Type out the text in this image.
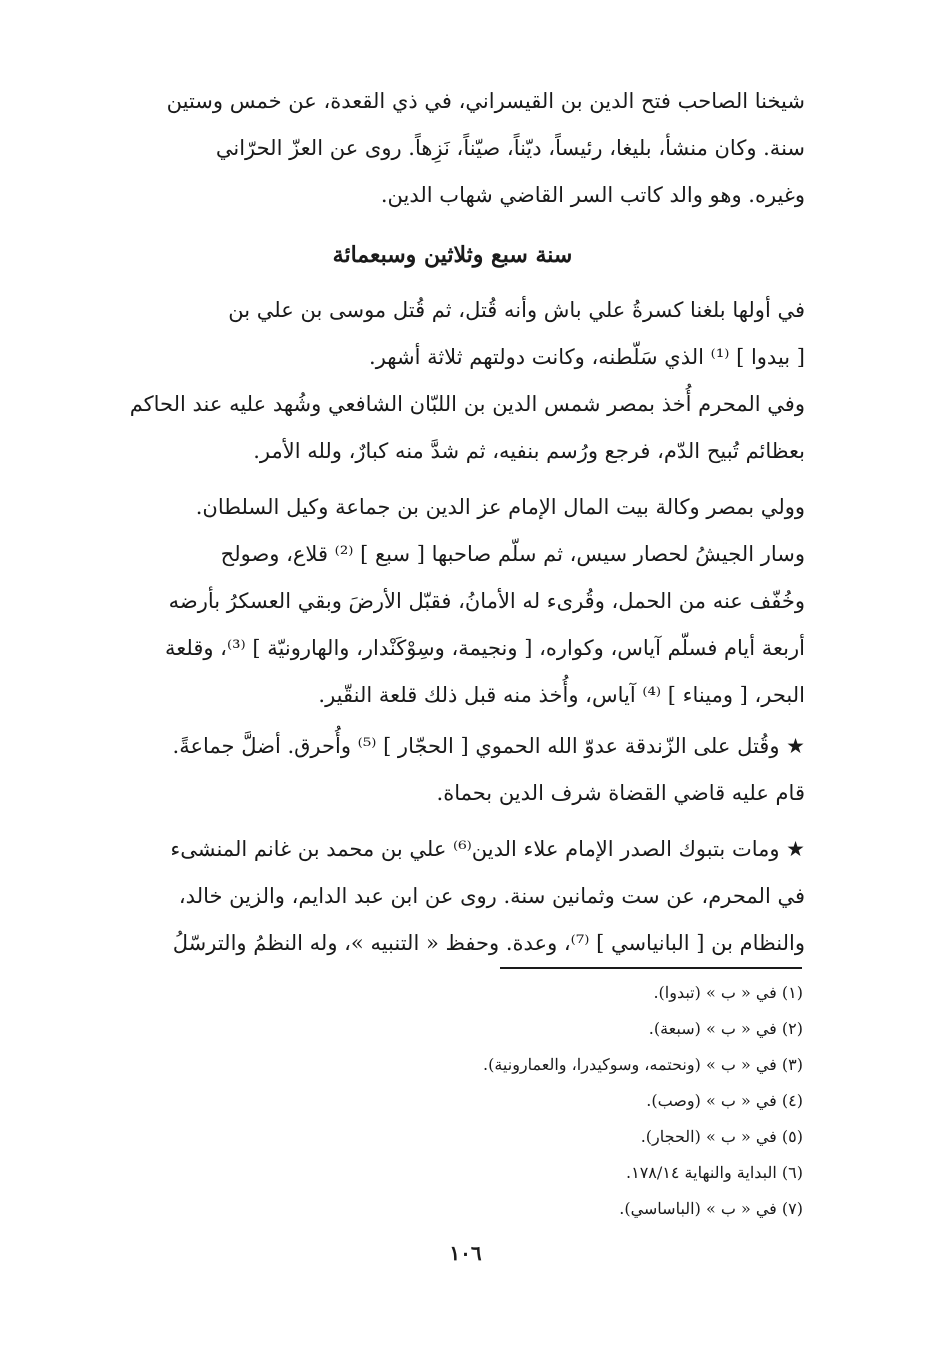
شيخنا الصاحب فتح الدين بن القيسراني، في ذي القعدة، عن خمس وستين
سنة. وكان منشأ، بليغا، رئيساً، ديّناً، صيّناً، نَزِهاً. روى عن العزّ الحرّاني
وغيره. وهو والد كاتب السر القاضي شهاب الدين.
سنة سبع وثلاثين وسبعمائة
في أولها بلغنا كسرةُ علي باش وأنه قُتل، ثم قُتل موسى بن علي بن
[ بيدوا ] ⁽¹⁾ الذي سَلّطنه، وكانت دولتهم ثلاثة أشهر.
وفي المحرم أُخذ بمصر شمس الدين بن اللبّان الشافعي وشُهد عليه عند الحاكم
بعظائم تُبيح الدّم، فرجع ورُسم بنفيه، ثم شدَّ منه كبارٌ، ولله الأمر.
وولي بمصر وكالة بيت المال الإمام عز الدين بن جماعة وكيل السلطان.
وسار الجيشُ لحصار سيس، ثم سلّم صاحبها [ سبع ] ⁽²⁾ قلاع، وصولح
وخُفّف عنه من الحمل، وقُرىء له الأمانُ، فقبّل الأرضَ وبقي العسكرُ بأرضه
أربعة أيام فسلّم آياس، وكواره، [ ونجيمة، وسِوْكَنْدار، والهارونيّة ] ⁽³⁾، وقلعة
البحر، [ وميناء ] ⁽⁴⁾ آياس، وأُخذ منه قبل ذلك قلعة النقّير.
★ وقُتل على الزّندقة عدوّ الله الحموي [ الحجّار ] ⁽⁵⁾ وأُحرق. أضلَّ جماعةً.
قام عليه قاضي القضاة شرف الدين بحماة.
★ ومات بتبوك الصدر الإمام علاء الدين⁽⁶⁾ علي بن محمد بن غانم المنشىء
في المحرم، عن ست وثمانين سنة. روى عن ابن عبد الدايم، والزين خالد،
والنظام بن [ البانياسي ] ⁽⁷⁾، وعدة. وحفظ « التنبيه »، وله النظمُ والترسّلُ
(١) في « ب » (تبدوا).
(٢) في « ب » (سبعة).
(٣) في « ب » (ونحتمه، وسوكيدرا، والعمارونية).
(٤) في « ب » (وصب).
(٥) في « ب » (الحجار).
(٦) البداية والنهاية ١٧٨/١٤.
(٧) في « ب » (الباساسي).
١٠٦
